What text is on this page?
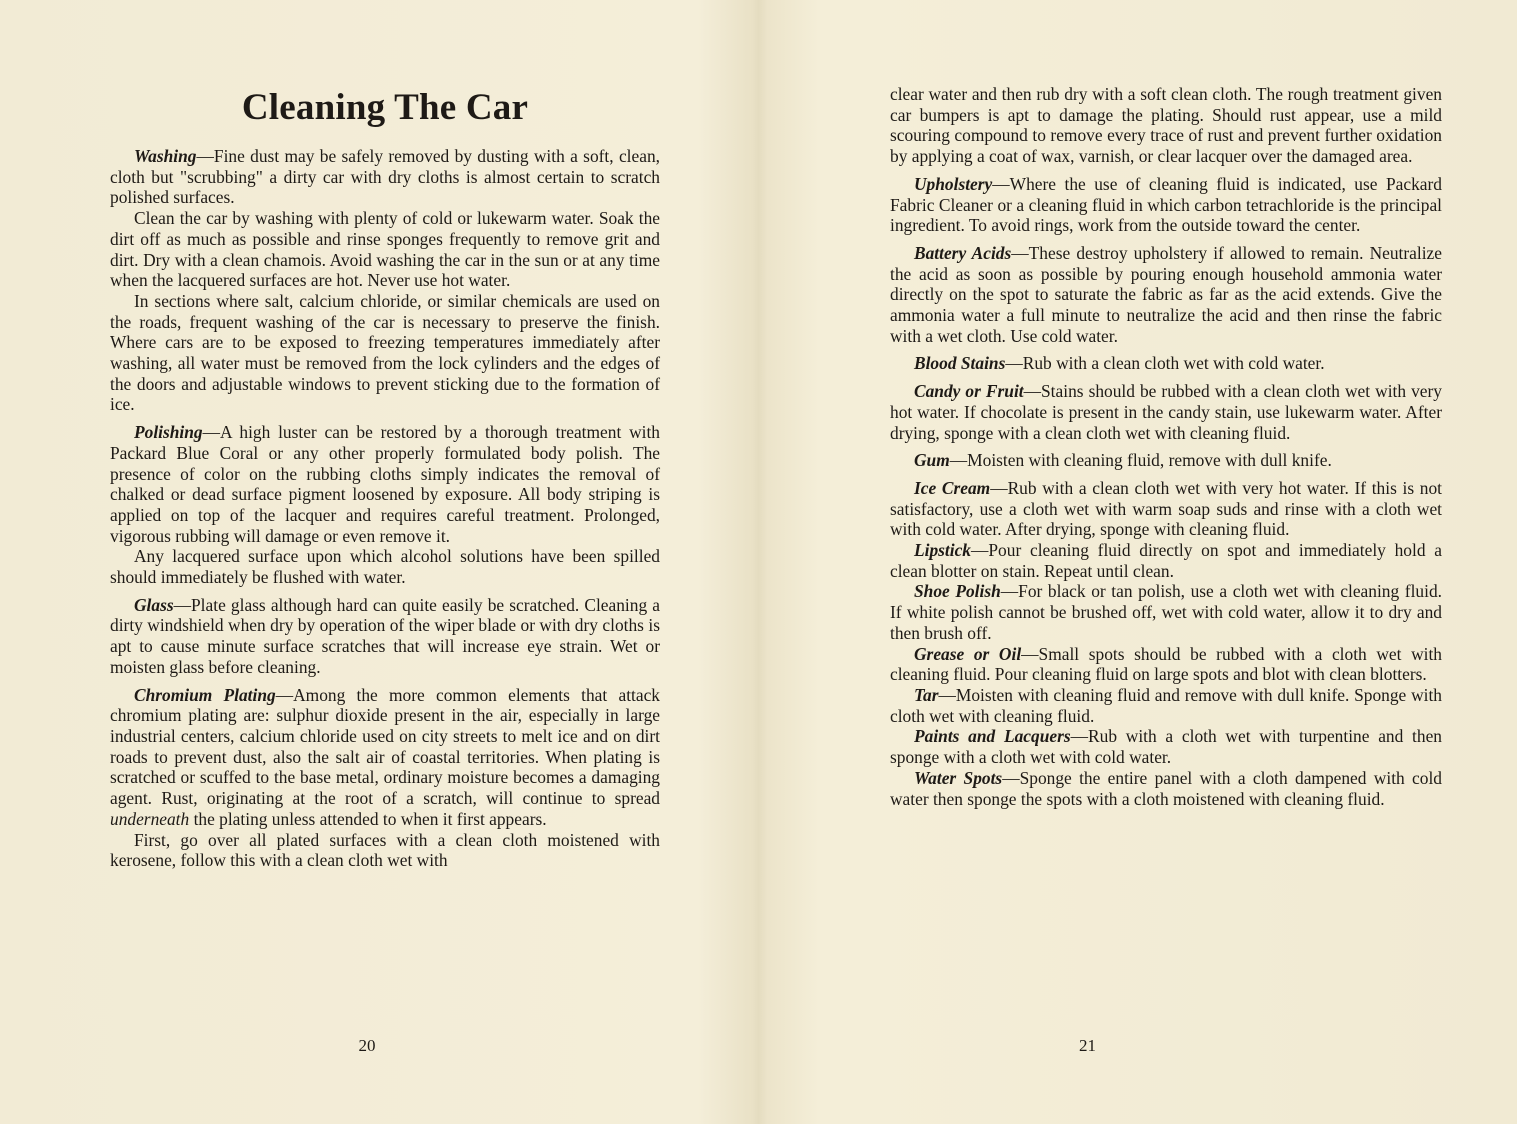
Cleaning The Car

Washing—Fine dust may be safely removed by dusting with a soft, clean, cloth but "scrubbing" a dirty car with dry cloths is almost certain to scratch polished surfaces.

Clean the car by washing with plenty of cold or lukewarm water. Soak the dirt off as much as possible and rinse sponges frequently to remove grit and dirt. Dry with a clean chamois. Avoid washing the car in the sun or at any time when the lacquered surfaces are hot. Never use hot water.

In sections where salt, calcium chloride, or similar chemicals are used on the roads, frequent washing of the car is necessary to preserve the finish. Where cars are to be exposed to freezing temperatures immediately after washing, all water must be removed from the lock cylinders and the edges of the doors and adjustable windows to prevent sticking due to the formation of ice.

Polishing—A high luster can be restored by a thorough treatment with Packard Blue Coral or any other properly formulated body polish. The presence of color on the rubbing cloths simply indicates the removal of chalked or dead surface pigment loosened by exposure. All body striping is applied on top of the lacquer and requires careful treatment. Prolonged, vigorous rubbing will damage or even remove it.

Any lacquered surface upon which alcohol solutions have been spilled should immediately be flushed with water.

Glass—Plate glass although hard can quite easily be scratched. Cleaning a dirty windshield when dry by operation of the wiper blade or with dry cloths is apt to cause minute surface scratches that will increase eye strain. Wet or moisten glass before cleaning.

Chromium Plating—Among the more common elements that attack chromium plating are: sulphur dioxide present in the air, especially in large industrial centers, calcium chloride used on city streets to melt ice and on dirt roads to prevent dust, also the salt air of coastal territories. When plating is scratched or scuffed to the base metal, ordinary moisture becomes a damaging agent. Rust, originating at the root of a scratch, will continue to spread underneath the plating unless attended to when it first appears.

First, go over all plated surfaces with a clean cloth moistened with kerosene, follow this with a clean cloth wet with

20

clear water and then rub dry with a soft clean cloth. The rough treatment given car bumpers is apt to damage the plating. Should rust appear, use a mild scouring compound to remove every trace of rust and prevent further oxidation by applying a coat of wax, varnish, or clear lacquer over the damaged area.

Upholstery—Where the use of cleaning fluid is indicated, use Packard Fabric Cleaner or a cleaning fluid in which carbon tetrachloride is the principal ingredient. To avoid rings, work from the outside toward the center.

Battery Acids—These destroy upholstery if allowed to remain. Neutralize the acid as soon as possible by pouring enough household ammonia water directly on the spot to saturate the fabric as far as the acid extends. Give the ammonia water a full minute to neutralize the acid and then rinse the fabric with a wet cloth. Use cold water.

Blood Stains—Rub with a clean cloth wet with cold water.

Candy or Fruit—Stains should be rubbed with a clean cloth wet with very hot water. If chocolate is present in the candy stain, use lukewarm water. After drying, sponge with a clean cloth wet with cleaning fluid.

Gum—Moisten with cleaning fluid, remove with dull knife.

Ice Cream—Rub with a clean cloth wet with very hot water. If this is not satisfactory, use a cloth wet with warm soap suds and rinse with a cloth wet with cold water. After drying, sponge with cleaning fluid.

Lipstick—Pour cleaning fluid directly on spot and immediately hold a clean blotter on stain. Repeat until clean.

Shoe Polish—For black or tan polish, use a cloth wet with cleaning fluid. If white polish cannot be brushed off, wet with cold water, allow it to dry and then brush off.

Grease or Oil—Small spots should be rubbed with a cloth wet with cleaning fluid. Pour cleaning fluid on large spots and blot with clean blotters.

Tar—Moisten with cleaning fluid and remove with dull knife. Sponge with cloth wet with cleaning fluid.

Paints and Lacquers—Rub with a cloth wet with turpentine and then sponge with a cloth wet with cold water.

Water Spots—Sponge the entire panel with a cloth dampened with cold water then sponge the spots with a cloth moistened with cleaning fluid.

21
